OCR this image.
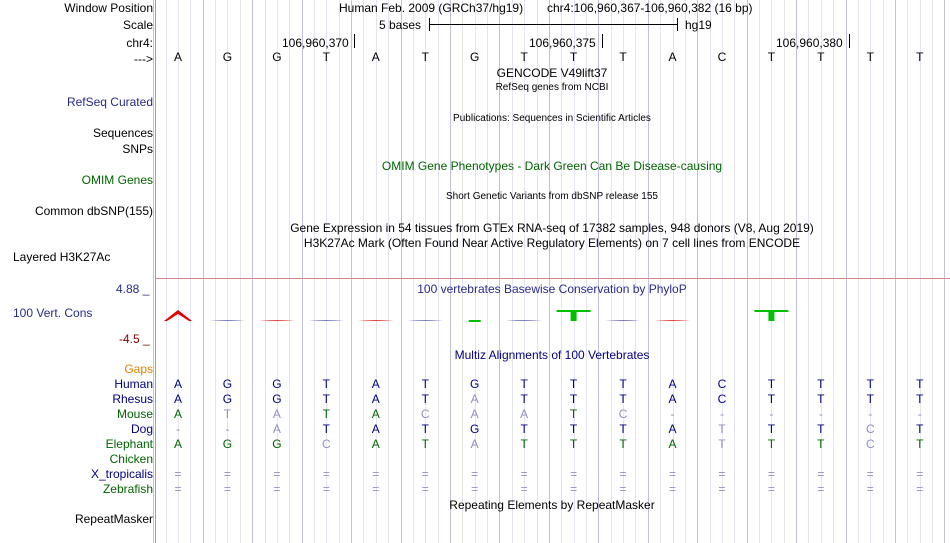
Window Position
Scale
chr4:
--->
RefSeq Curated
Sequences
SNPs
OMIM Genes
Common dbSNP(155)
Layered H3K27Ac
100 Vert. Cons
Gaps
RepeatMasker
Human Feb. 2009 (GRCh37/hg19) chr4:106,960,367-106,960,382 (16 bp)
5 bases	hg19
106,960,370	106,960,375	106,960,380
A	G	G	T	A	T	G	T	T	T	A	C	T	T	T	T
GENCODE V49lift37
RefSeq genes from NCBI
Publications: Sequences in Scientific Articles
OMIM Gene Phenotypes - Dark Green Can Be Disease-causing
Short Genetic Variants from dbSNP release 155
Gene Expression in 54 tissues from GTEx RNA-seq of 17382 samples, 948 donors (V8, Aug 2019)
H3K27Ac Mark (Often Found Near Active Regulatory Elements) on 7 cell lines from ENCODE
100 vertebrates Basewise Conservation by PhyloP
4.88 _
-4.5 _
Multiz Alignments of 100 Vertebrates
Human	A	G	G	T	A	T	G	T	T	T	A	C	T	T	T	T
Rhesus	A	G	G	T	A	T	A	T	T	T	A	C	T	T	T	T
Mouse	A	T	A	T	A	C	A	A	T	C	-	-	-	-	-	-
Dog	-	-	A	T	A	T	G	T	T	T	A	T	T	T	C	T
Elephant	A	G	G	C	A	T	A	T	T	T	A	T	T	T	C	T
Chicken
X_tropicalis	=	=	=	=	=	=	=	=	=	=	=	=	=	=	=	=
Zebrafish	=	=	=	=	=	=	=	=	=	=	=	=	=	=	=	=
Repeating Elements by RepeatMasker
